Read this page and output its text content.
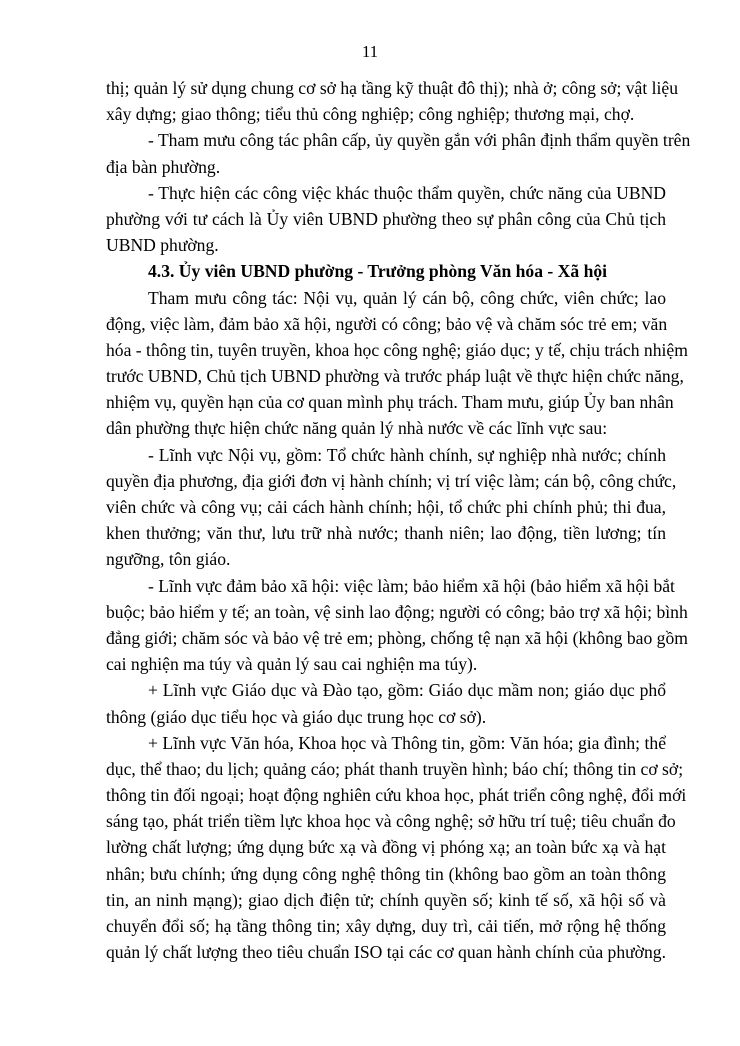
11
thị; quản lý sử dụng chung cơ sở hạ tầng kỹ thuật đô thị); nhà ở; công sở; vật liệu
xây dựng; giao thông; tiểu thủ công nghiệp; công nghiệp; thương mại, chợ.
- Tham mưu công tác phân cấp, ủy quyền gắn với phân định thẩm quyền trên
địa bàn phường.
- Thực hiện các công việc khác thuộc thẩm quyền, chức năng của UBND
phường với tư cách là Ủy viên UBND phường theo sự phân công của Chủ tịch
UBND phường.
4.3. Ủy viên UBND phường - Trưởng phòng Văn hóa - Xã hội
Tham mưu công tác: Nội vụ, quản lý cán bộ, công chức, viên chức; lao
động, việc làm, đảm bảo xã hội, người có công; bảo vệ và chăm sóc trẻ em; văn
hóa - thông tin, tuyên truyền, khoa học công nghệ; giáo dục; y tế, chịu trách nhiệm
trước UBND, Chủ tịch UBND phường và trước pháp luật về thực hiện chức năng,
nhiệm vụ, quyền hạn của cơ quan mình phụ trách. Tham mưu, giúp Ủy ban nhân
dân phường thực hiện chức năng quản lý nhà nước về các lĩnh vực sau:
- Lĩnh vực Nội vụ, gồm: Tổ chức hành chính, sự nghiệp nhà nước; chính
quyền địa phương, địa giới đơn vị hành chính; vị trí việc làm; cán bộ, công chức,
viên chức và công vụ; cải cách hành chính; hội, tổ chức phi chính phủ; thi đua,
khen thưởng; văn thư, lưu trữ nhà nước; thanh niên; lao động, tiền lương; tín
ngưỡng, tôn giáo.
- Lĩnh vực đảm bảo xã hội: việc làm; bảo hiểm xã hội (bảo hiểm xã hội bắt
buộc; bảo hiểm y tế; an toàn, vệ sinh lao động; người có công; bảo trợ xã hội; bình
đẳng giới; chăm sóc và bảo vệ trẻ em; phòng, chống tệ nạn xã hội (không bao gồm
cai nghiện ma túy và quản lý sau cai nghiện ma túy).
+ Lĩnh vực Giáo dục và Đào tạo, gồm: Giáo dục mầm non; giáo dục phổ
thông (giáo dục tiểu học và giáo dục trung học cơ sở).
+ Lĩnh vực Văn hóa, Khoa học và Thông tin, gồm: Văn hóa; gia đình; thể
dục, thể thao; du lịch; quảng cáo; phát thanh truyền hình; báo chí; thông tin cơ sở;
thông tin đối ngoại; hoạt động nghiên cứu khoa học, phát triển công nghệ, đổi mới
sáng tạo, phát triển tiềm lực khoa học và công nghệ; sở hữu trí tuệ; tiêu chuẩn đo
lường chất lượng; ứng dụng bức xạ và đồng vị phóng xạ; an toàn bức xạ và hạt
nhân; bưu chính; ứng dụng công nghệ thông tin (không bao gồm an toàn thông
tin, an ninh mạng); giao dịch điện tử; chính quyền số; kinh tế số, xã hội số và
chuyển đổi số; hạ tầng thông tin; xây dựng, duy trì, cải tiến, mở rộng hệ thống
quản lý chất lượng theo tiêu chuẩn ISO tại các cơ quan hành chính của phường.
